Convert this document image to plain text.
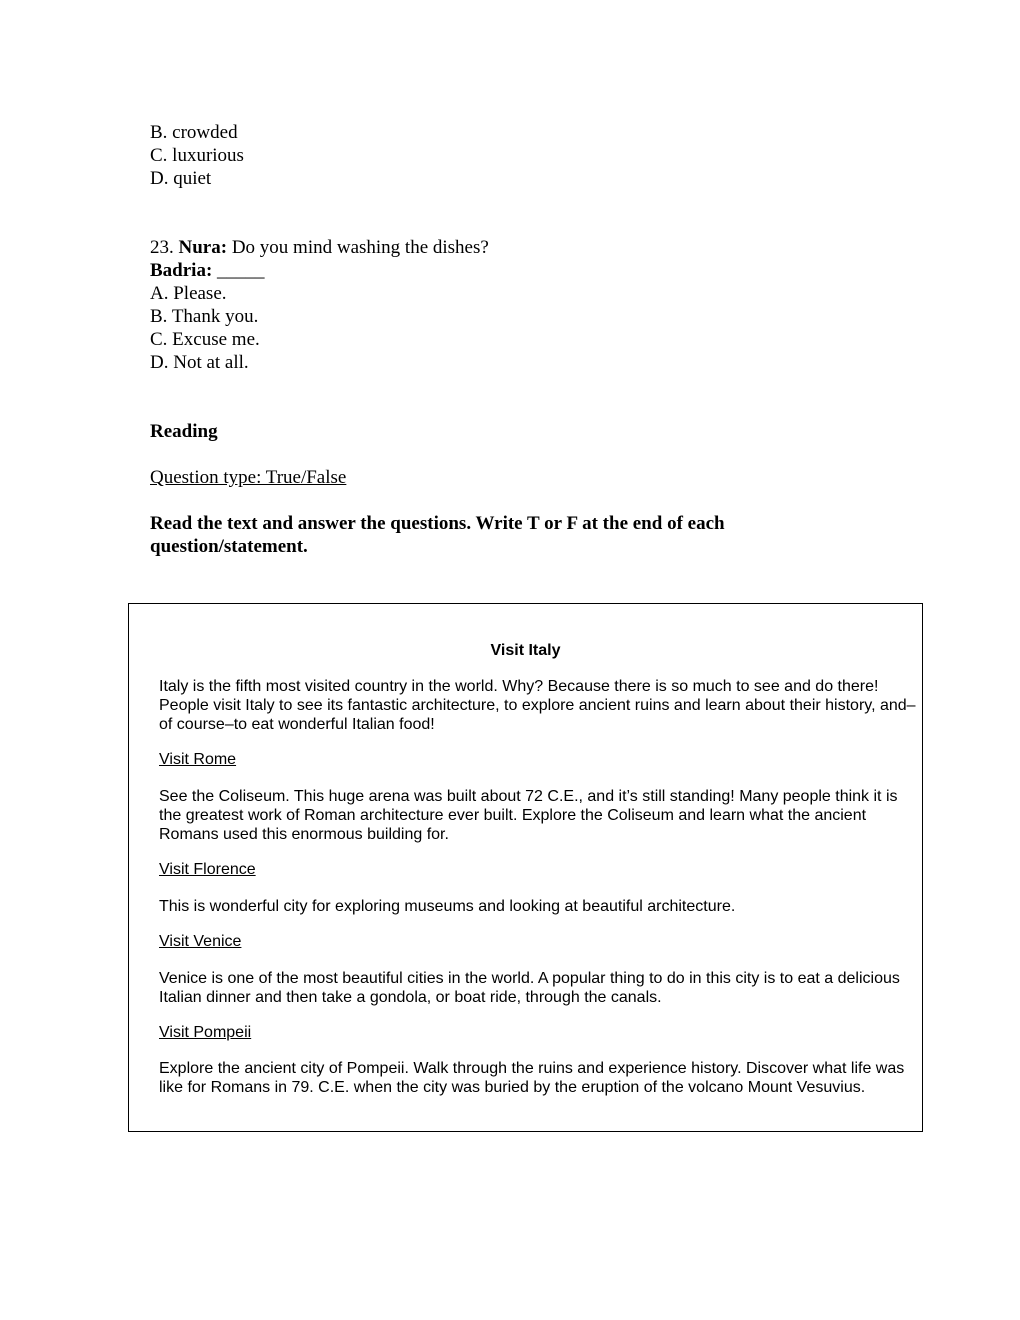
B. crowded
C. luxurious
D. quiet
23. Nura: Do you mind washing the dishes?
Badria: _____
A. Please.
B. Thank you.
C. Excuse me.
D. Not at all.
Reading
Question type: True/False
Read the text and answer the questions. Write T or F at the end of each
question/statement.
Visit Italy
Italy is the fifth most visited country in the world. Why? Because there is so much to see and do there! People visit Italy to see its fantastic architecture, to explore ancient ruins and learn about their history, and–of course–to eat wonderful Italian food!
Visit Rome
See the Coliseum. This huge arena was built about 72 C.E., and it’s still standing! Many people think it is the greatest work of Roman architecture ever built. Explore the Coliseum and learn what the ancient Romans used this enormous building for.
Visit Florence
This is wonderful city for exploring museums and looking at beautiful architecture.
Visit Venice
Venice is one of the most beautiful cities in the world. A popular thing to do in this city is to eat a delicious Italian dinner and then take a gondola, or boat ride, through the canals.
Visit Pompeii
Explore the ancient city of Pompeii. Walk through the ruins and experience history. Discover what life was like for Romans in 79. C.E. when the city was buried by the eruption of the volcano Mount Vesuvius.
